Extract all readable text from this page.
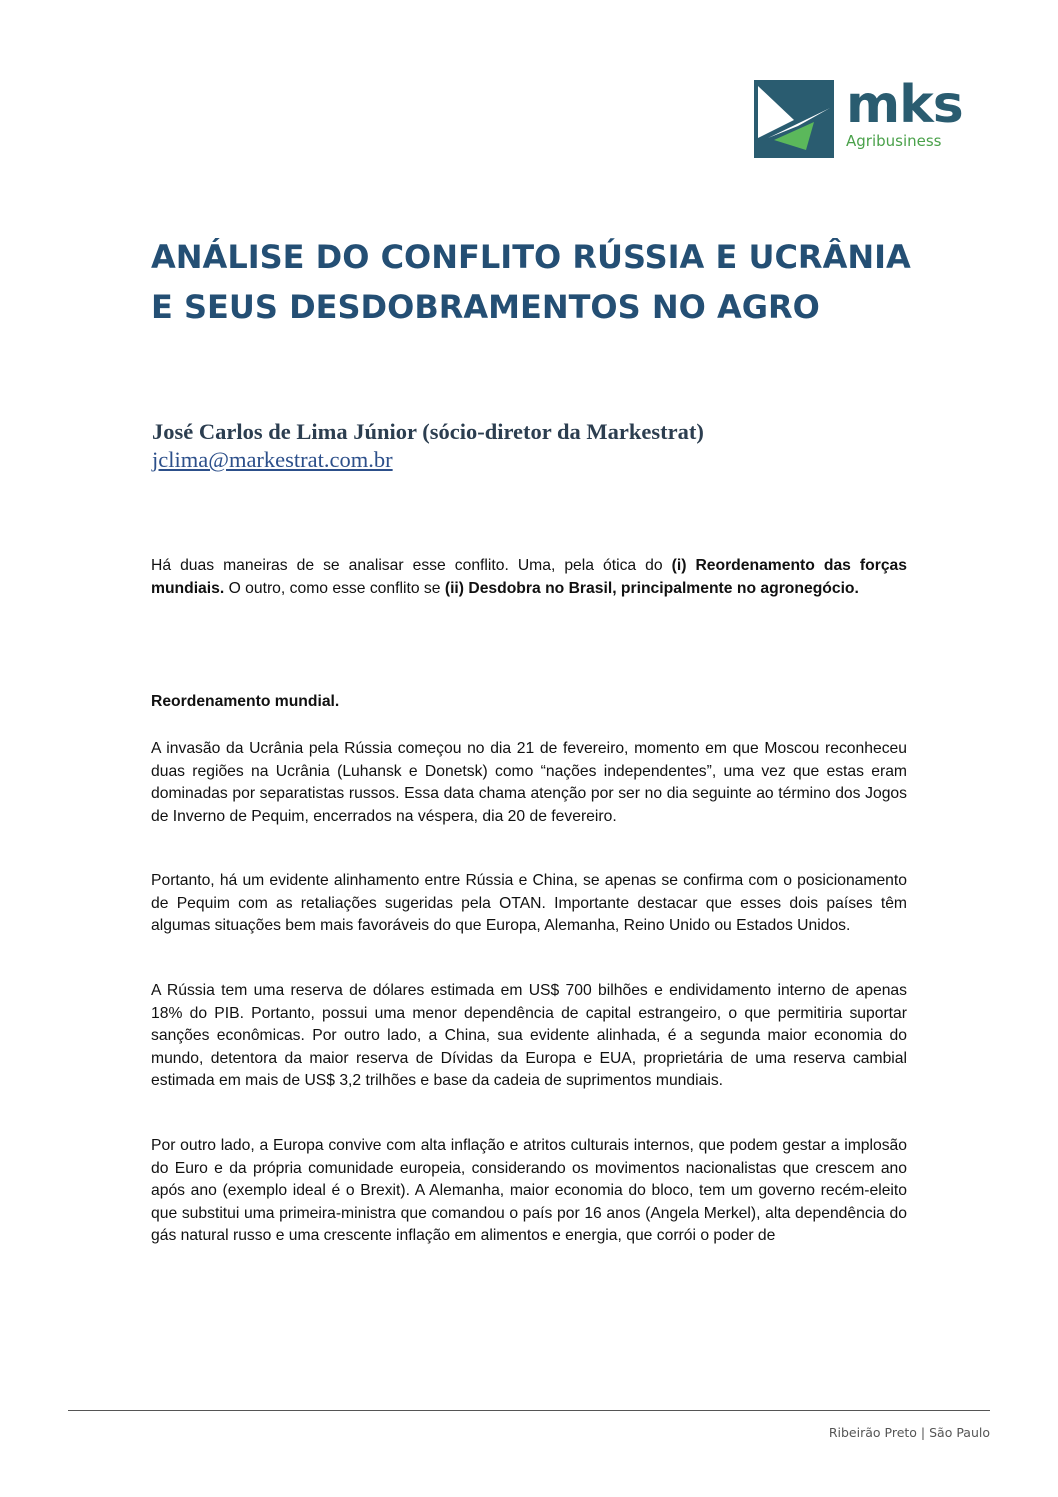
mks
Agribusiness
ANÁLISE DO CONFLITO RÚSSIA E UCRÂNIA
E SEUS DESDOBRAMENTOS NO AGRO
José Carlos de Lima Júnior (sócio-diretor da Markestrat)
jclima@markestrat.com.br

Há duas maneiras de se analisar esse conflito. Uma, pela ótica do (i) Reordenamento das forças mundiais. O outro, como esse conflito se (ii) Desdobra no Brasil, principalmente no agronegócio.

Reordenamento mundial.

A invasão da Ucrânia pela Rússia começou no dia 21 de fevereiro, momento em que Moscou reconheceu duas regiões na Ucrânia (Luhansk e Donetsk) como “nações independentes”, uma vez que estas eram dominadas por separatistas russos. Essa data chama atenção por ser no dia seguinte ao término dos Jogos de Inverno de Pequim, encerrados na véspera, dia 20 de fevereiro.

Portanto, há um evidente alinhamento entre Rússia e China, se apenas se confirma com o posicionamento de Pequim com as retaliações sugeridas pela OTAN. Importante destacar que esses dois países têm algumas situações bem mais favoráveis do que Europa, Alemanha, Reino Unido ou Estados Unidos.

A Rússia tem uma reserva de dólares estimada em US$ 700 bilhões e endividamento interno de apenas 18% do PIB. Portanto, possui uma menor dependência de capital estrangeiro, o que permitiria suportar sanções econômicas. Por outro lado, a China, sua evidente alinhada, é a segunda maior economia do mundo, detentora da maior reserva de Dívidas da Europa e EUA, proprietária de uma reserva cambial estimada em mais de US$ 3,2 trilhões e base da cadeia de suprimentos mundiais.

Por outro lado, a Europa convive com alta inflação e atritos culturais internos, que podem gestar a implosão do Euro e da própria comunidade europeia, considerando os movimentos nacionalistas que crescem ano após ano (exemplo ideal é o Brexit). A Alemanha, maior economia do bloco, tem um governo recém-eleito que substitui uma primeira-ministra que comandou o país por 16 anos (Angela Merkel), alta dependência do gás natural russo e uma crescente inflação em alimentos e energia, que corrói o poder de

Ribeirão Preto | São Paulo
